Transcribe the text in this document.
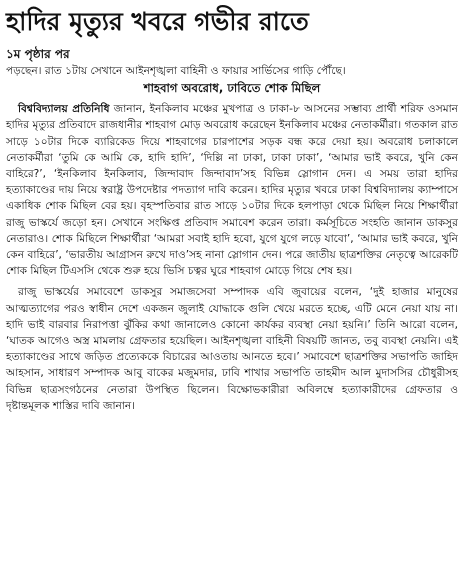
হাদির মৃত্যুর খবরে গভীর রাতে
১ম পৃষ্ঠার পর

পড়ছেন। রাত ১টায় সেখানে আইনশৃঙ্খলা বাহিনী ও ফায়ার সার্ভিসের গাড়ি পৌঁছে।

শাহবাগ অবরোধ, ঢাবিতে শোক মিছিল

বিশ্ববিদ্যালয় প্রতিনিধি জানান, ইনকিলাব মঞ্চের মুখপাত্র ও ঢাকা-৮ আসনের সম্ভাব্য প্রার্থী শরিফ ওসমান হাদির মৃত্যুর প্রতিবাদে রাজধানীর শাহবাগ মোড় অবরোধ করেছেন ইনকিলাব মঞ্চের নেতাকর্মীরা। গতকাল রাত সাড়ে ১০টার দিকে ব্যারিকেড দিয়ে শাহবাগের চারপাশের সড়ক বন্ধ করে দেয়া হয়। অবরোধ চলাকালে নেতাকর্মীরা ‘তুমি কে আমি কে, হাদি হাদি’, ‘দিল্লি না ঢাকা, ঢাকা ঢাকা’, ‘আমার ভাই কবরে, খুনি কেন বাহিরে?’, ‘ইনকিলাব ইনকিলাব, জিন্দাবাদ জিন্দাবাদ’সহ বিভিন্ন স্লোগান দেন। এ সময় তারা হাদির হত্যাকাণ্ডের দায় নিয়ে স্বরাষ্ট্র উপদেষ্টার পদত্যাগ দাবি করেন। হাদির মৃত্যুর খবরে ঢাকা বিশ্ববিদ্যালয় ক্যাম্পাসে একাধিক শোক মিছিল বের হয়। বৃহস্পতিবার রাত সাড়ে ১০টার দিকে হলপাড়া থেকে মিছিল নিয়ে শিক্ষার্থীরা রাজু ভাস্কর্যে জড়ো হন। সেখানে সংক্ষিপ্ত প্রতিবাদ সমাবেশ করেন তারা। কর্মসূচিতে সংহতি জানান ডাকসুর নেতারাও। শোক মিছিলে শিক্ষার্থীরা ‘আমরা সবাই হাদি হবো, যুগে যুগে লড়ে যাবো’, ‘আমার ভাই কবরে, খুনি কেন বাহিরে’, ‘ভারতীয় আগ্রাসন রুখে দাও’সহ নানা স্লোগান দেন। পরে জাতীয় ছাত্রশক্তির নেতৃত্বে আরেকটি শোক মিছিল টিএসসি থেকে শুরু হয়ে ভিসি চত্বর ঘুরে শাহবাগ মোড়ে গিয়ে শেষ হয়।

রাজু ভাস্কর্যের সমাবেশে ডাকসুর সমাজসেবা সম্পাদক এবি জুবায়ের বলেন, ‘দুই হাজার মানুষের আত্মত্যাগের পরও স্বাধীন দেশে একজন জুলাই যোদ্ধাকে গুলি খেয়ে মরতে হচ্ছে, এটি মেনে নেয়া যায় না। হাদি ভাই বারবার নিরাপত্তা ঝুঁকির কথা জানালেও কোনো কার্যকর ব্যবস্থা নেয়া হয়নি।’ তিনি আরো বলেন, ‘ঘাতক আগেও অস্ত্র মামলায় গ্রেফতার হয়েছিল। আইনশৃঙ্খলা বাহিনী বিষয়টি জানত, তবু ব্যবস্থা নেয়নি। এই হত্যাকাণ্ডের সাথে জড়িত প্রত্যেককে বিচারের আওতায় আনতে হবে।’ সমাবেশে ছাত্রশক্তির সভাপতি জাহিদ আহসান, সাধারণ সম্পাদক আবু বাকের মজুমদার, ঢাবি শাখার সভাপতি তাহমীদ আল মুদাসসির চৌধুরীসহ বিভিন্ন ছাত্রসংগঠনের নেতারা উপস্থিত ছিলেন। বিক্ষোভকারীরা অবিলম্বে হত্যাকারীদের গ্রেফতার ও দৃষ্টান্তমূলক শাস্তির দাবি জানান।
